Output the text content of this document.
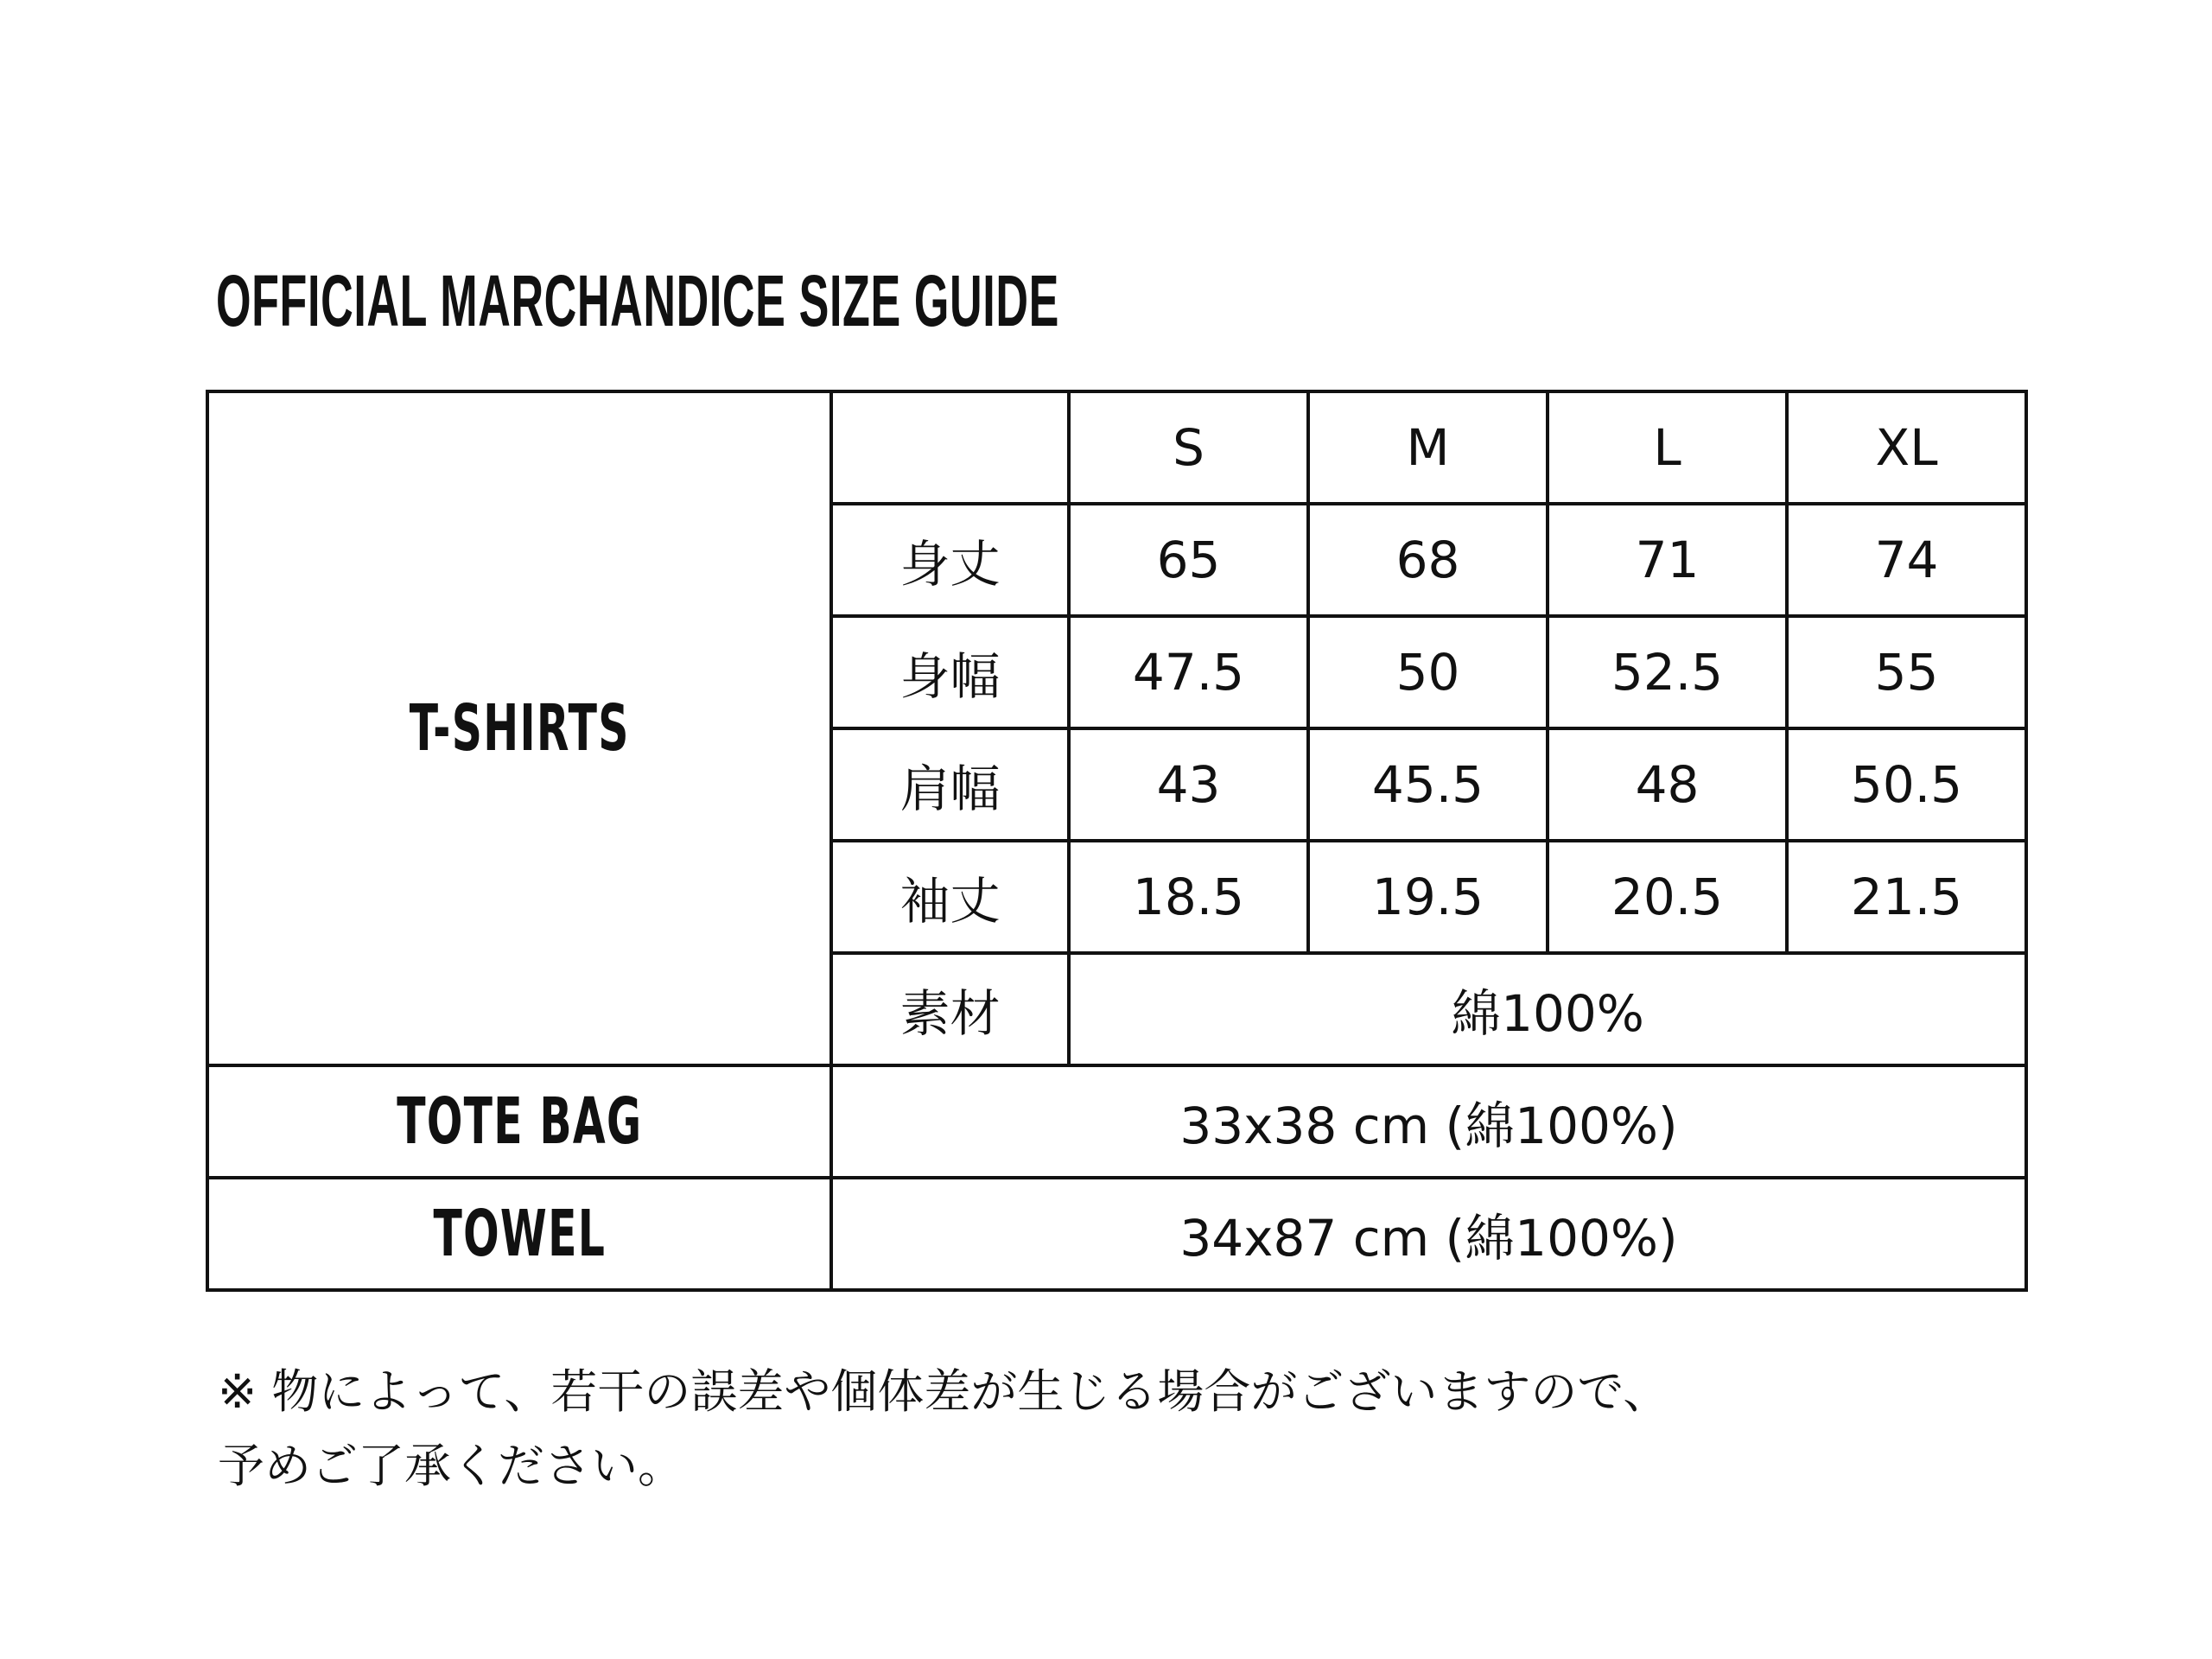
OFFICIAL MARCHANDICE SIZE GUIDE
T-SHIRTS		S	M	L	XL
	身丈	65	68	71	74
	身幅	47.5	50	52.5	55
	肩幅	43	45.5	48	50.5
	袖丈	18.5	19.5	20.5	21.5
	素材	綿100%			
TOTE BAG	33x38 cm (綿100%)				
TOWEL	34x87 cm (綿100%)				
※ 物によって、若干の誤差や個体差が生じる場合がございますので、
予めご了承ください。
